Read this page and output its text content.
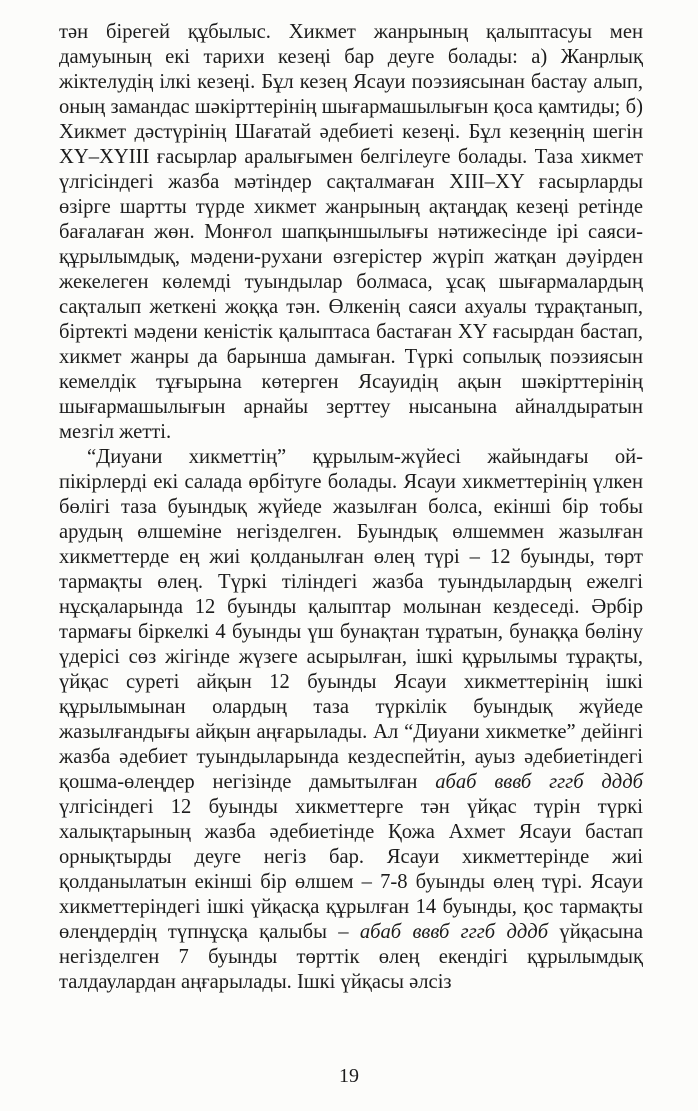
тән бірегей құбылыс. Хикмет жанрының қалыптасуы мен дамуының екі тарихи кезеңі бар деуге болады: а) Жанрлық жіктелудің ілкі кезеңі. Бұл кезең Ясауи поэзиясынан бастау алып, оның замандас шәкірттерінің шығармашылығын қоса қамтиды; б) Хикмет дәстүрінің Шағатай әдебиеті кезеңі. Бұл кезеңнің шегін XY–XYIII ғасырлар аралығымен белгілеуге болады. Таза хикмет үлгісіндегі жазба мәтіндер сақталмаған XIII–XY ғасырларды өзірге шартты түрде хикмет жанрының ақтаңдақ кезеңі ретінде бағалаған жөн. Монғол шапқыншылығы нәтижесінде ірі саяси-құрылымдық, мәдени-рухани өзгерістер жүріп жатқан дәуірден жекелеген көлемді туындылар болмаса, ұсақ шығармалардың сақталып жеткені жоққа тән. Өлкенің саяси ахуалы тұрақтанып, біртекті мәдени кеністік қалыптаса бастаған XY ғасырдан бастап, хикмет жанры да барынша дамыған. Түркі сопылық поэзиясын кемелдік тұғырына көтерген Ясауидің ақын шәкірттерінің шығармашылығын арнайы зерттеу нысанына айналдыратын мезгіл жетті.

“Диуани хикметтің” құрылым-жүйесі жайындағы ой-пікірлерді екі салада өрбітуге болады. Ясауи хикметтерінің үлкен бөлігі таза буындық жүйеде жазылған болса, екінші бір тобы арудың өлшеміне негізделген. Буындық өлшеммен жазылған хикметтерде ең жиі қолданылған өлең түрі – 12 буынды, төрт тармақты өлең. Түркі тіліндегі жазба туындылардың ежелгі нұсқаларында 12 буынды қалыптар молынан кездеседі. Әрбір тармағы біркелкі 4 буынды үш бунақтан тұратын, бунаққа бөліну үдерісі сөз жігінде жүзеге асырылған, ішкі құрылымы тұрақты, үйқас суреті айқын 12 буынды Ясауи хикметтерінің ішкі құрылымынан олардың таза түркілік буындық жүйеде жазылғандығы айқын аңғарылады. Ал “Диуани хикметке” дейінгі жазба әдебиет туындыларында кездеспейтін, ауыз әдебиетіндегі қошма-өлеңдер негізінде дамытылған абаб вввб гггб дддб үлгісіндегі 12 буынды хикметтерге тән үйқас түрін түркі халықтарының жазба әдебиетінде Қожа Ахмет Ясауи бастап орнықтырды деуге негіз бар. Ясауи хикметтерінде жиі қолданылатын екінші бір өлшем – 7-8 буынды өлең түрі. Ясауи хикметтеріндегі ішкі үйқасқа құрылған 14 буынды, қос тармақты өлеңдердің түпнұсқа қалыбы – абаб вввб гггб дддб үйқасына негізделген 7 буынды төрттік өлең екендігі құрылымдық талдаулардан аңғарылады. Ішкі үйқасы әлсіз

19
